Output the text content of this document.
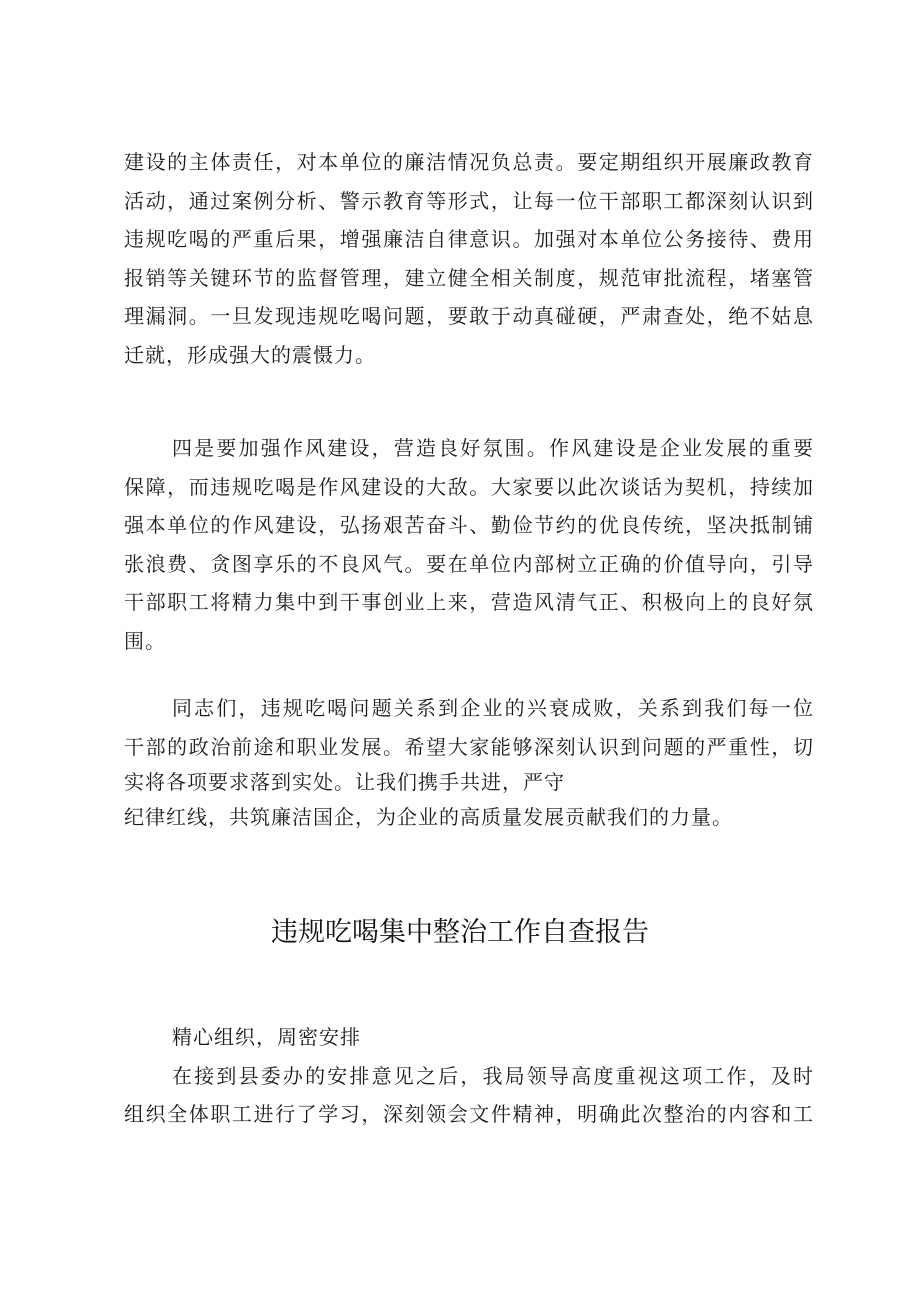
建设的主体责任，对本单位的廉洁情况负总责。要定期组织开展廉政教育
活动，通过案例分析、警示教育等形式，让每一位干部职工都深刻认识到
违规吃喝的严重后果，增强廉洁自律意识。加强对本单位公务接待、费用
报销等关键环节的监督管理，建立健全相关制度，规范审批流程，堵塞管
理漏洞。一旦发现违规吃喝问题，要敢于动真碰硬，严肃查处，绝不姑息
迁就，形成强大的震慑力。
四是要加强作风建设，营造良好氛围。作风建设是企业发展的重要
保障，而违规吃喝是作风建设的大敌。大家要以此次谈话为契机，持续加
强本单位的作风建设，弘扬艰苦奋斗、勤俭节约的优良传统，坚决抵制铺
张浪费、贪图享乐的不良风气。要在单位内部树立正确的价值导向，引导
干部职工将精力集中到干事创业上来，营造风清气正、积极向上的良好氛
围。
同志们，违规吃喝问题关系到企业的兴衰成败，关系到我们每一位
干部的政治前途和职业发展。希望大家能够深刻认识到问题的严重性，切
实将各项要求落到实处。让我们携手共进，严守
纪律红线，共筑廉洁国企，为企业的高质量发展贡献我们的力量。
违规吃喝集中整治工作自查报告
精心组织，周密安排
在接到县委办的安排意见之后，我局领导高度重视这项工作，及时
组织全体职工进行了学习，深刻领会文件精神，明确此次整治的内容和工
